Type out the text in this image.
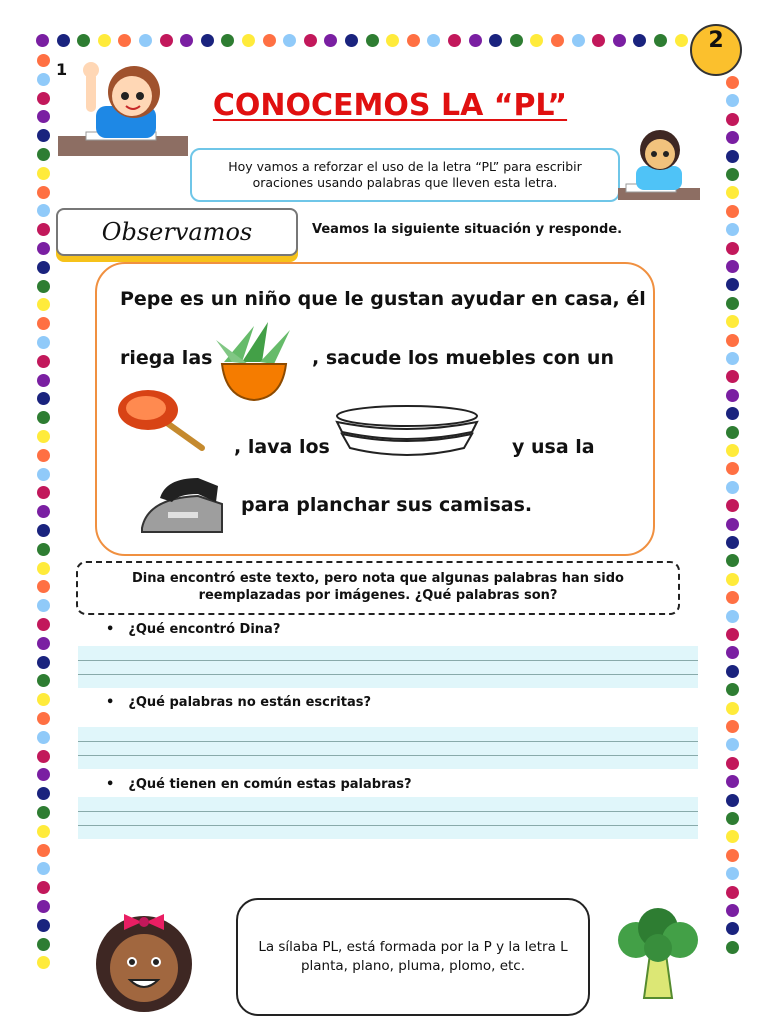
1
2
CONOCEMOS LA “PL”
Hoy vamos a reforzar el uso de la letra “PL” para escribir oraciones usando palabras que lleven esta letra.
Observamos	Veamos la siguiente situación y responde.
Pepe es un niño que le gustan ayudar en casa, él
riega las	, sacude los muebles con un
, lava los	y usa la
para planchar sus camisas.
Dina encontró este texto, pero nota que algunas palabras han sido reemplazadas por imágenes. ¿Qué palabras son?
• ¿Qué encontró Dina?
• ¿Qué palabras no están escritas?
• ¿Qué tienen en común estas palabras?
La sílaba PL, está formada por la P y la letra L planta, plano, pluma, plomo, etc.
